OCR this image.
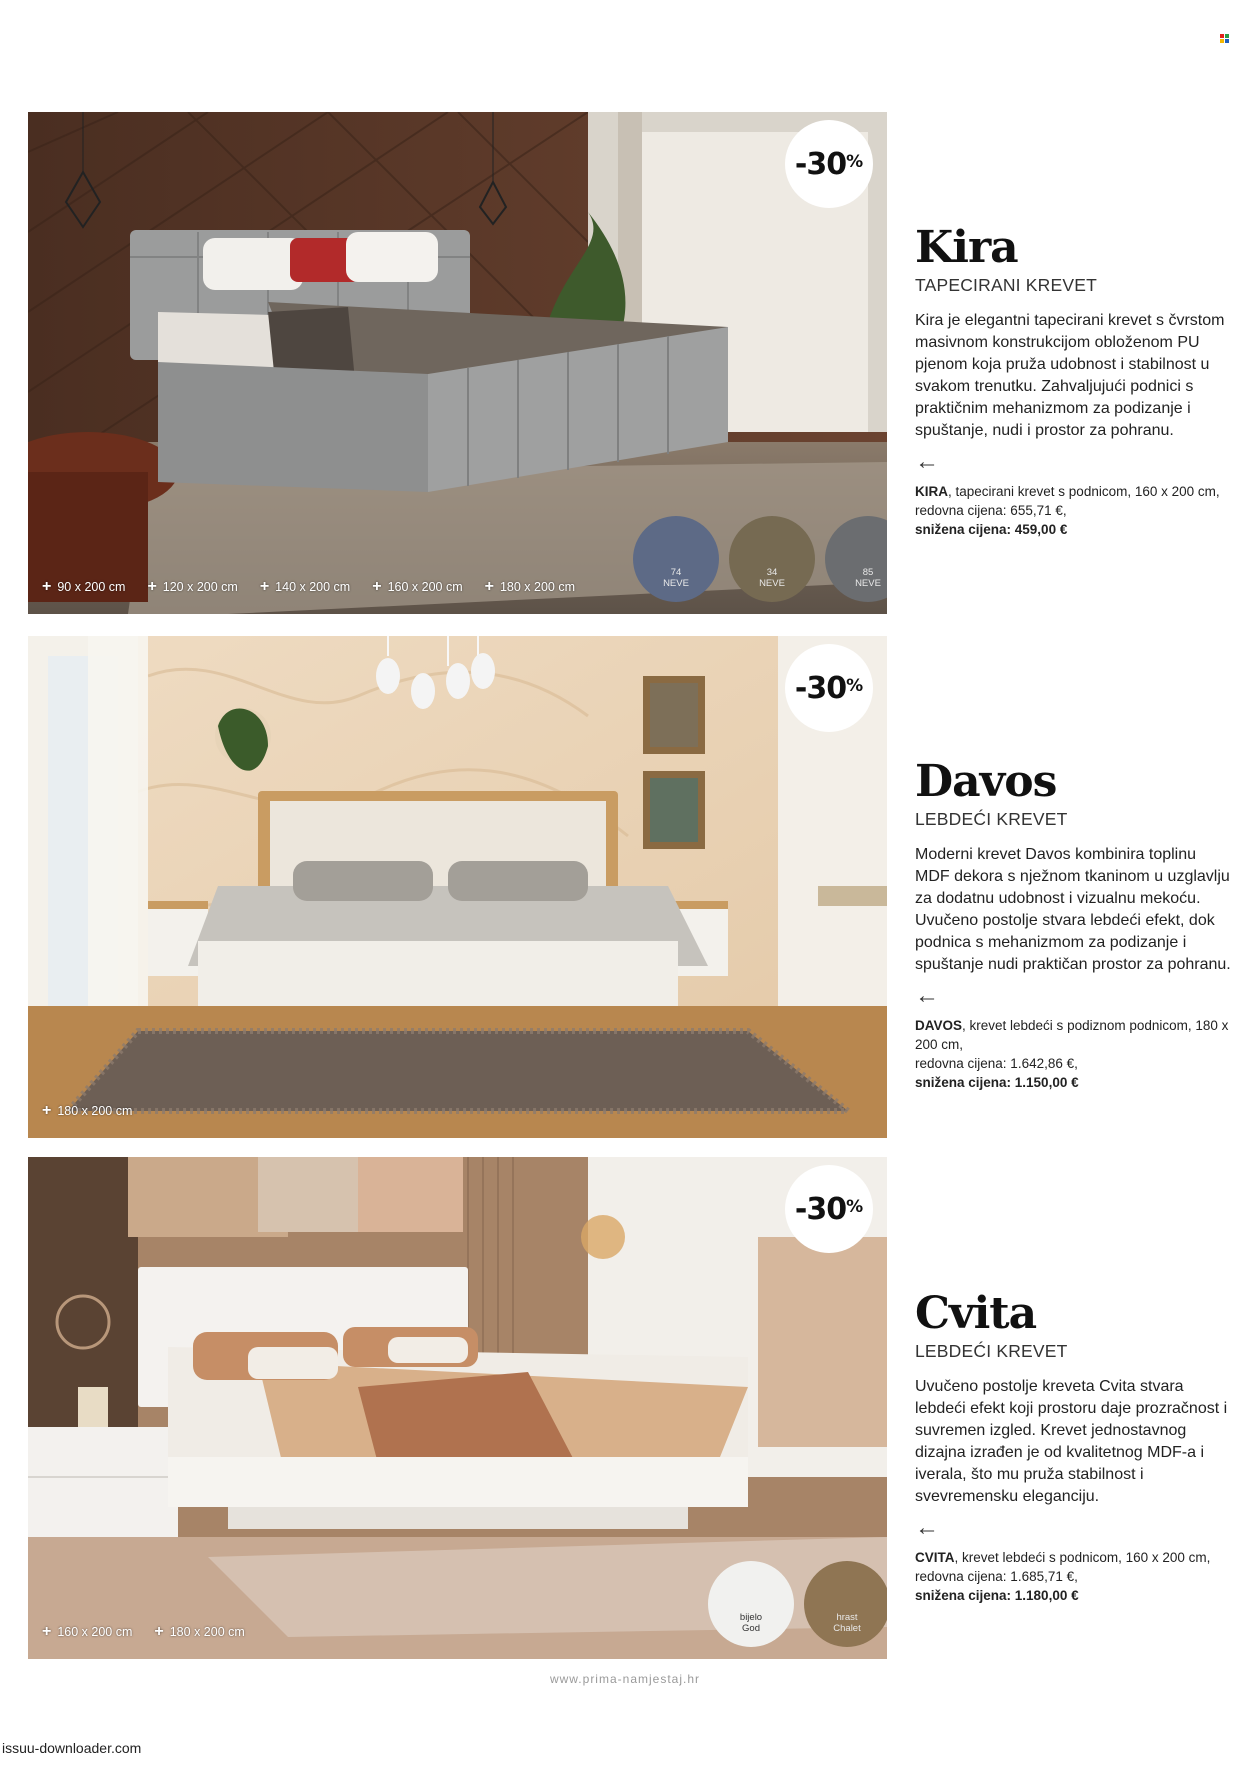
-30 %
+ 90 x 200 cm + 120 x 200 cm + 140 x 200 cm + 160 x 200 cm + 180 x 200 cm
74
NEVE
34
NEVE
85
NEVE
Kira
TAPECIRANI KREVET
Kira je elegantni tapecirani krevet s čvrstom masivnom konstrukcijom obloženom PU pjenom koja pruža udobnost i stabilnost u svakom trenutku. Zahvaljujući podnici s praktičnim mehanizmom za podizanje i spuštanje, nudi i prostor za pohranu.
←
KIRA, tapecirani krevet s podnicom, 160 x 200 cm,
redovna cijena: 655,71 €,
snižena cijena: 459,00 €
-30 %
+ 180 x 200 cm
Davos
LEBDEĆI KREVET
Moderni krevet Davos kombinira toplinu MDF dekora s nježnom tkaninom u uzglavlju za dodatnu udobnost i vizualnu mekoću. Uvučeno postolje stvara lebdeći efekt, dok podnica s mehanizmom za podizanje i spuštanje nudi praktičan prostor za pohranu.
←
DAVOS, krevet lebdeći s podiznom podnicom, 180 x 200 cm,
redovna cijena: 1.642,86 €,
snižena cijena: 1.150,00 €
-30 %
+ 160 x 200 cm + 180 x 200 cm
bijelo
God
hrast
Chalet
Cvita
LEBDEĆI KREVET
Uvučeno postolje kreveta Cvita stvara lebdeći efekt koji prostoru daje prozračnost i suvremen izgled. Krevet jednostavnog dizajna izrađen je od kvalitetnog MDF-a i iverala, što mu pruža stabilnost i svevremensku eleganciju.
←
CVITA, krevet lebdeći s podnicom, 160 x 200 cm,
redovna cijena: 1.685,71 €,
snižena cijena: 1.180,00 €
www.prima-namjestaj.hr
issuu-downloader.com
